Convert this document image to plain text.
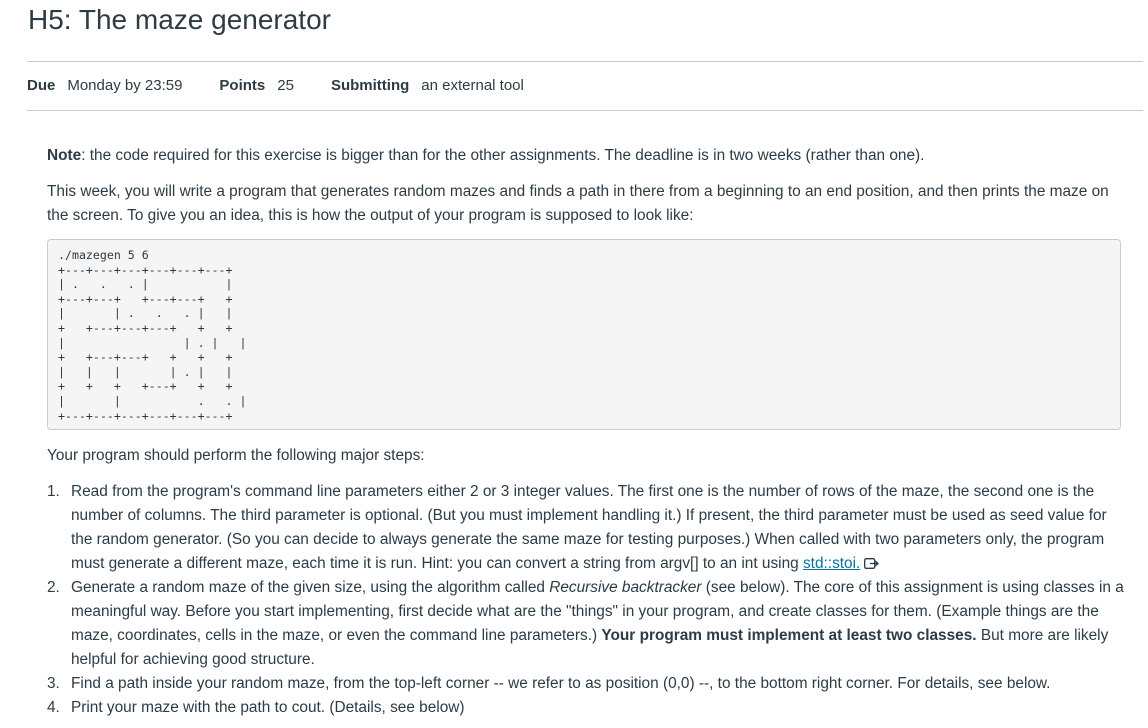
H5: The maze generator
Due Monday by 23:59 Points 25 Submitting an external tool

Note: the code required for this exercise is bigger than for the other assignments. The deadline is in two weeks (rather than one).

This week, you will write a program that generates random mazes and finds a path in there from a beginning to an end position, and then prints the maze on the screen. To give you an idea, this is how the output of your program is supposed to look like:

Your program should perform the following major steps:

1. Read from the program's command line parameters either 2 or 3 integer values. The first one is the number of rows of the maze, the second one is the number of columns. The third parameter is optional. (But you must implement handling it.) If present, the third parameter must be used as seed value for the random generator. (So you can decide to always generate the same maze for testing purposes.) When called with two parameters only, the program must generate a different maze, each time it is run. Hint: you can convert a string from argv[] to an int using std::stoi.
2. Generate a random maze of the given size, using the algorithm called Recursive backtracker (see below). The core of this assignment is using classes in a meaningful way. Before you start implementing, first decide what are the "things" in your program, and create classes for them. (Example things are the maze, coordinates, cells in the maze, or even the command line parameters.) Your program must implement at least two classes. But more are likely helpful for achieving good structure.
3. Find a path inside your random maze, from the top-left corner -- we refer to as position (0,0) --, to the bottom right corner. For details, see below.
4. Print your maze with the path to cout. (Details, see below)
./mazegen 5 6
+---+---+---+---+---+---+
| .   .   . |           |
+---+---+   +---+---+   +
|       | .   .   . |   |
+   +---+---+---+   +   +
|                 | . |   |
+   +---+---+   +   +   +
|   |   |       | . |   |
+   +   +   +---+   +   +
|       |           .   . |
+---+---+---+---+---+---+
